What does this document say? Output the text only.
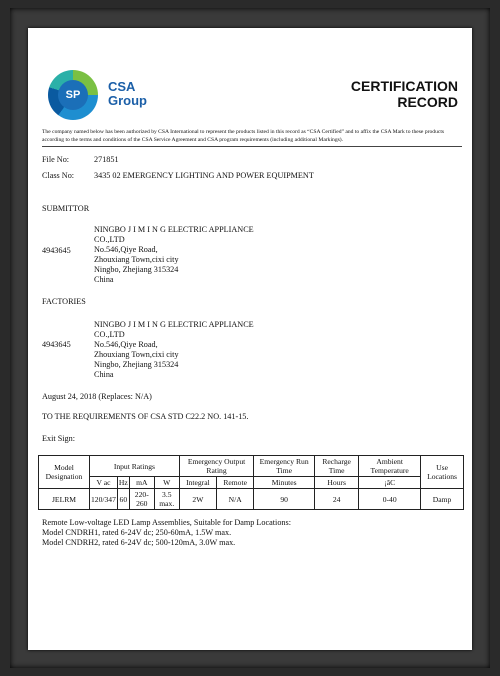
SP
CSA
Group
CERTIFICATION
RECORD
The company named below has been authorized by CSA International to represent the products listed in this record as “CSA Certified” and to affix the CSA Mark to these products according to the terms and conditions of the CSA Service Agreement and CSA program requirements (including additional Markings).
File No:	271851
Class No: 3435 02 EMERGENCY LIGHTING AND POWER EQUIPMENT
SUBMITTOR
4943645
NINGBO J I M I N G ELECTRIC APPLIANCE
CO.,LTD
No.546,Qiye Road,
Zhouxiang Town,cixi city
Ningbo, Zhejiang 315324
China
FACTORIES
4943645
NINGBO J I M I N G ELECTRIC APPLIANCE
CO.,LTD
No.546,Qiye Road,
Zhouxiang Town,cixi city
Ningbo, Zhejiang 315324
China
August 24, 2018 (Replaces: N/A)
TO THE REQUIREMENTS OF CSA STD C22.2 NO. 141-15.
Exit Sign:
Model Designation	Input Ratings				Emergency Output Rating		Emergency Run Time	Recharge Time	Ambient Temperature	Use Locations
	V ac	Hz	mA	W	Integral	Remote	Minutes	Hours	¡ãC	
JELRM	120/347	60	220-260	3.5 max.	2W	N/A	90	24	0-40	Damp
Remote Low-voltage LED Lamp Assemblies, Suitable for Damp Locations:
Model CNDRH1, rated 6-24V dc; 250-60mA, 1.5W max.
Model CNDRH2, rated 6-24V dc; 500-120mA, 3.0W max.
